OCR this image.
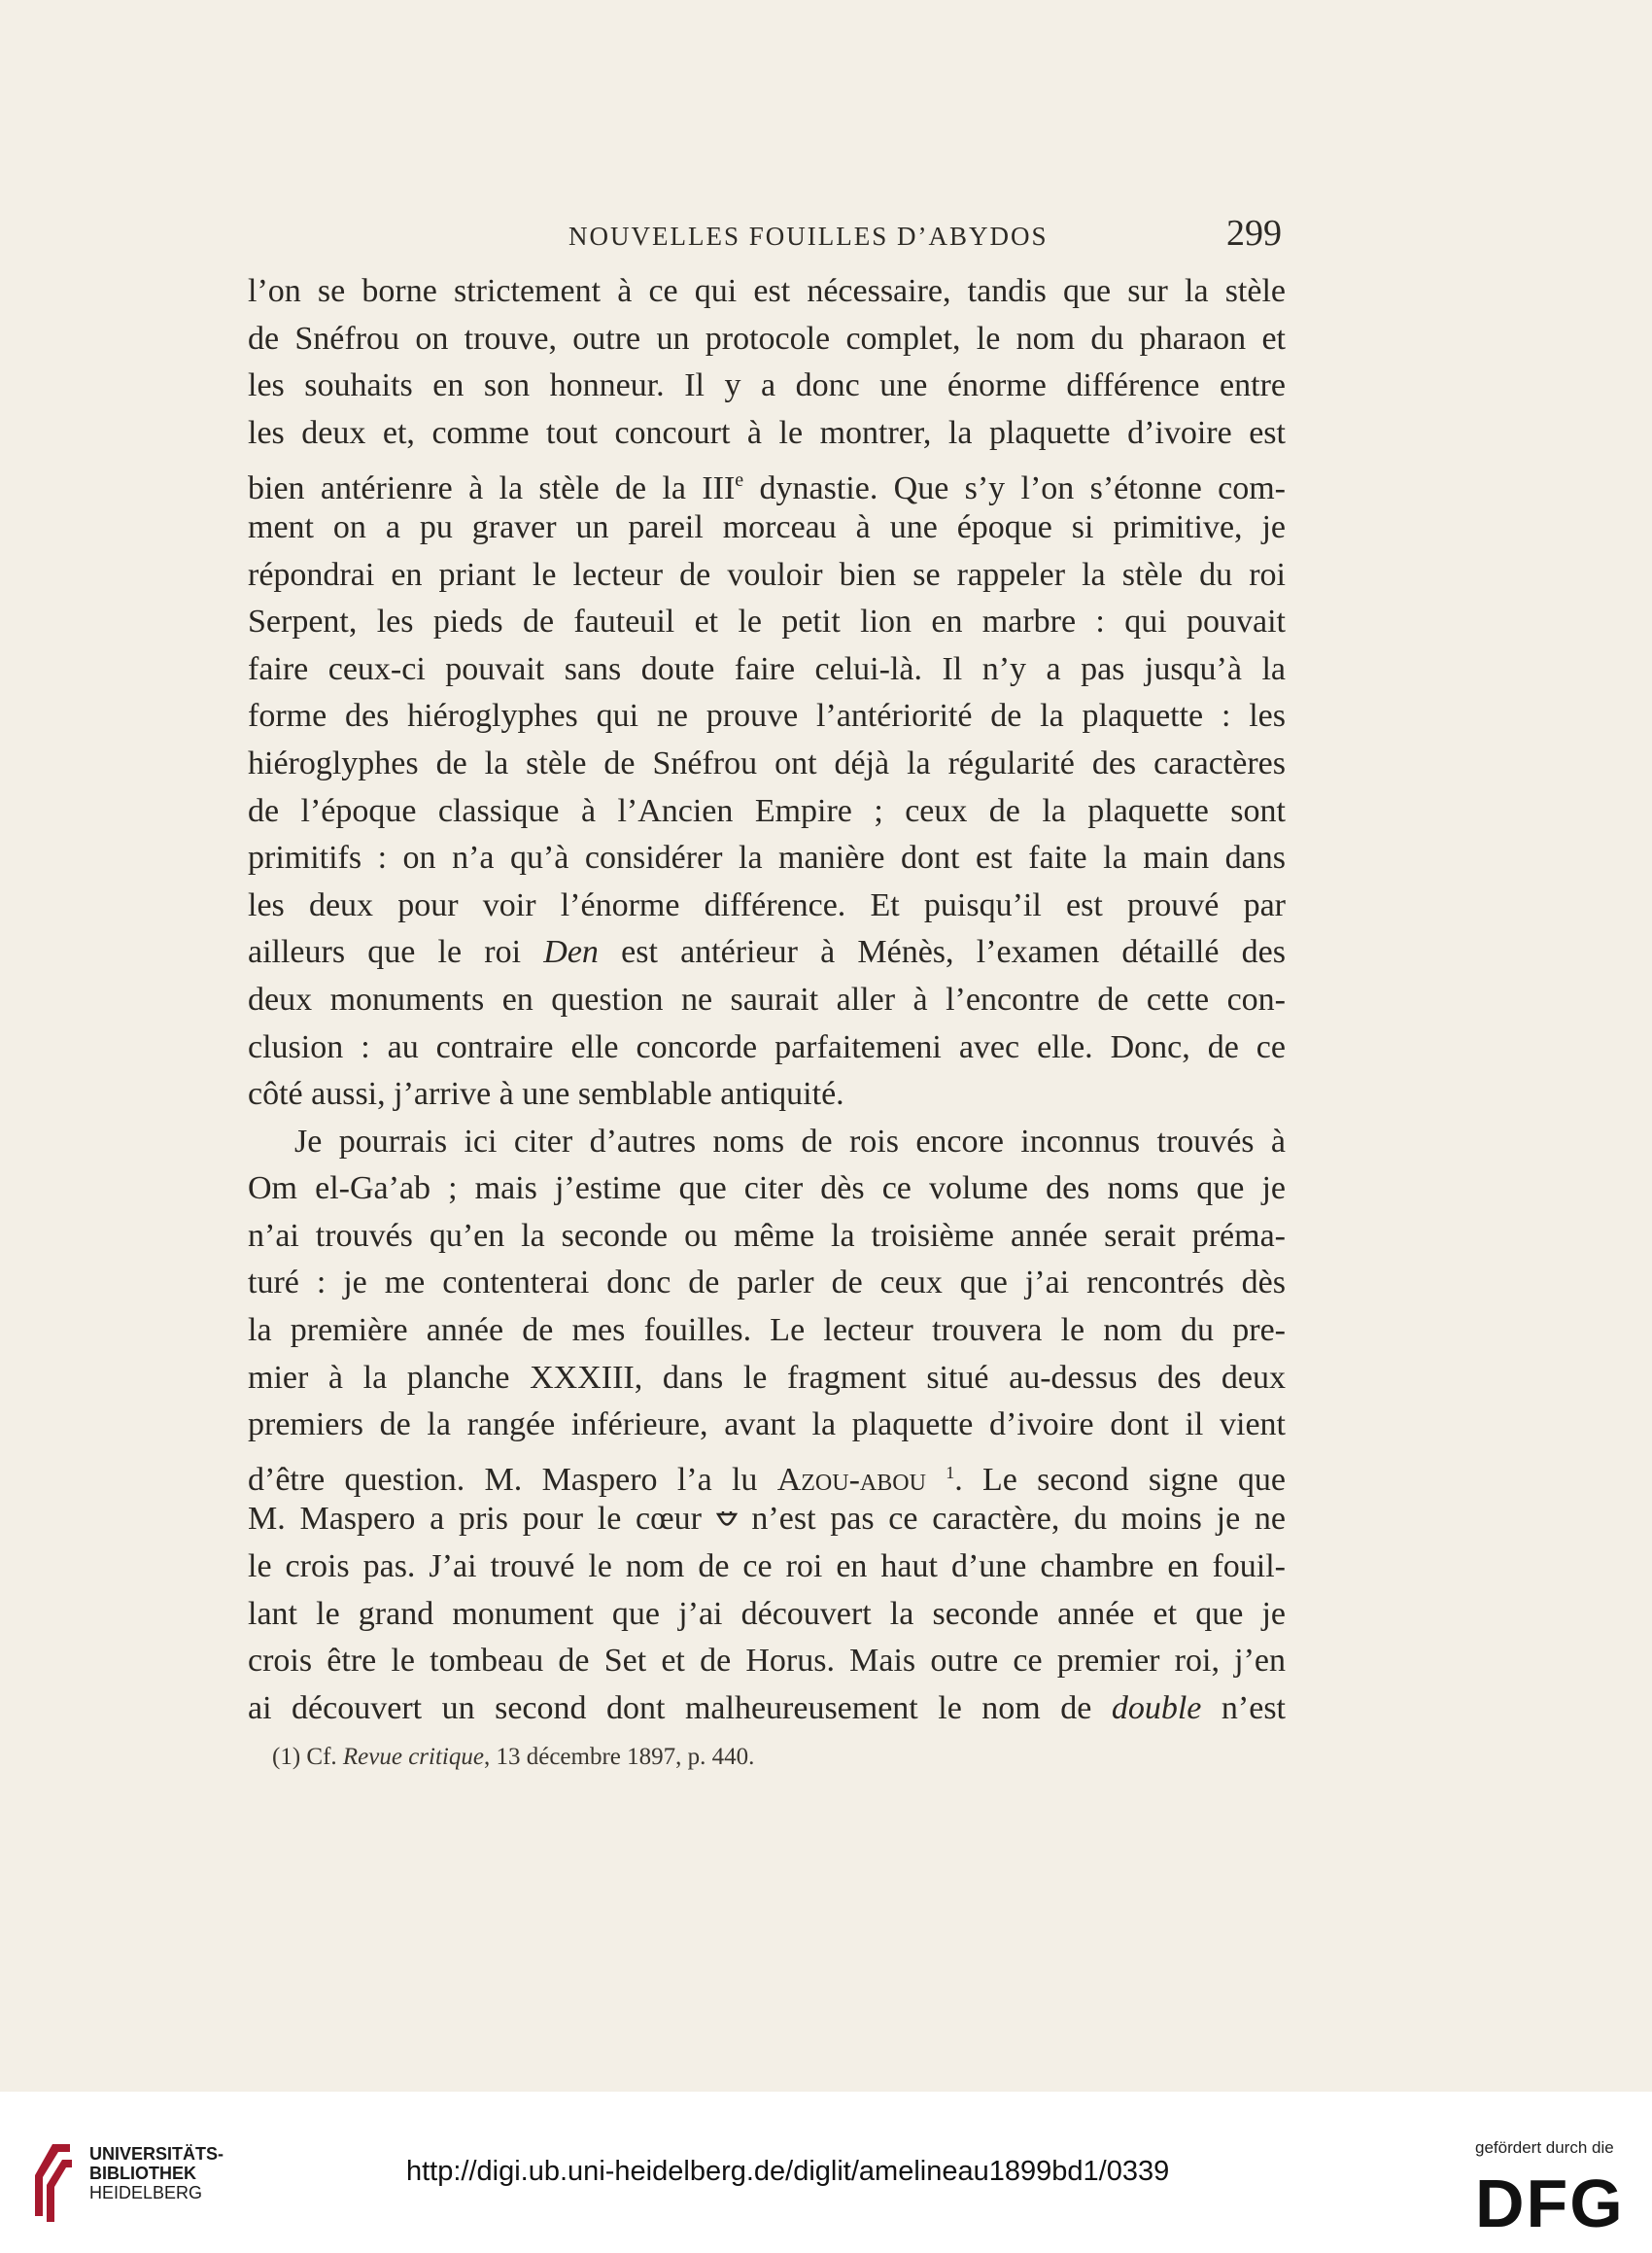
NOUVELLES FOUILLES D’ABYDOS	299
l’on se borne strictement à ce qui est nécessaire, tandis que sur la stèle
de Snéfrou on trouve, outre un protocole complet, le nom du pharaon et
les souhaits en son honneur. Il y a donc une énorme différence entre
les deux et, comme tout concourt à le montrer, la plaquette d’ivoire est
bien antérienre à la stèle de la IIIe dynastie. Que s’y l’on s’étonne com-
ment on a pu graver un pareil morceau à une époque si primitive, je
répondrai en priant le lecteur de vouloir bien se rappeler la stèle du roi
Serpent, les pieds de fauteuil et le petit lion en marbre : qui pouvait
faire ceux-ci pouvait sans doute faire celui-là. Il n’y a pas jusqu’à la
forme des hiéroglyphes qui ne prouve l’antériorité de la plaquette : les
hiéroglyphes de la stèle de Snéfrou ont déjà la régularité des caractères
de l’époque classique à l’Ancien Empire ; ceux de la plaquette sont
primitifs : on n’a qu’à considérer la manière dont est faite la main dans
les deux pour voir l’énorme différence. Et puisqu’il est prouvé par
ailleurs que le roi Den est antérieur à Ménès, l’examen détaillé des
deux monuments en question ne saurait aller à l’encontre de cette con-
clusion : au contraire elle concorde parfaitemeni avec elle. Donc, de ce
côté aussi, j’arrive à une semblable antiquité.
Je pourrais ici citer d’autres noms de rois encore inconnus trouvés à
Om el-Ga’ab ; mais j’estime que citer dès ce volume des noms que je
n’ai trouvés qu’en la seconde ou même la troisième année serait préma-
turé : je me contenterai donc de parler de ceux que j’ai rencontrés dès
la première année de mes fouilles. Le lecteur trouvera le nom du pre-
mier à la planche XXXIII, dans le fragment situé au-dessus des deux
premiers de la rangée inférieure, avant la plaquette d’ivoire dont il vient
d’être question. M. Maspero l’a lu Azou-abou $^1$. Le second signe que
M. Maspero a pris pour le cœur  n’est pas ce caractère, du moins je ne
le crois pas. J’ai trouvé le nom de ce roi en haut d’une chambre en fouil-
lant le grand monument que j’ai découvert la seconde année et que je
crois être le tombeau de Set et de Horus. Mais outre ce premier roi, j’en
ai découvert un second dont malheureusement le nom de double n’est
(1) Cf. Revue critique, 13 décembre 1897, p. 440.
UNIVERSITÄTS-
BIBLIOTHEK
HEIDELBERG
http://digi.ub.uni-heidelberg.de/diglit/amelineau1899bd1/0339
gefördert durch die
DFG
